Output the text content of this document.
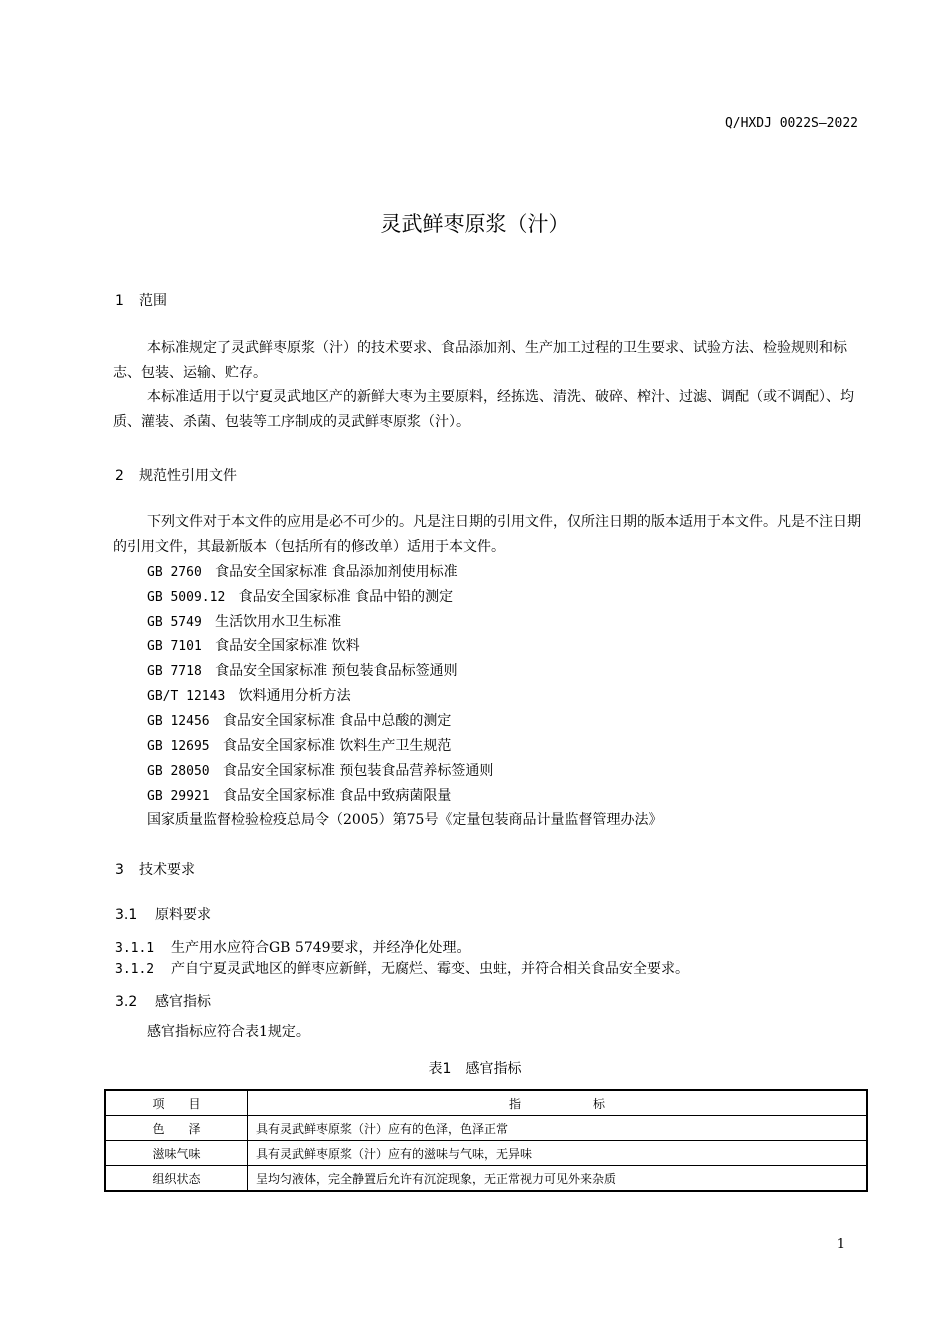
Q/HXDJ 0022S—2022
灵武鲜枣原浆（汁）
1 范围
本标准规定了灵武鲜枣原浆（汁）的技术要求、食品添加剂、生产加工过程的卫生要求、试验方法、检验规则和标志、包装、运输、贮存。
本标准适用于以宁夏灵武地区产的新鲜大枣为主要原料，经拣选、清洗、破碎、榨汁、过滤、调配（或不调配）、均质、灌装、杀菌、包装等工序制成的灵武鲜枣原浆（汁）。
2 规范性引用文件
下列文件对于本文件的应用是必不可少的。凡是注日期的引用文件，仅所注日期的版本适用于本文件。凡是不注日期的引用文件，其最新版本（包括所有的修改单）适用于本文件。
GB 2760 食品安全国家标准 食品添加剂使用标准
GB 5009.12 食品安全国家标准 食品中铅的测定
GB 5749 生活饮用水卫生标准
GB 7101 食品安全国家标准 饮料
GB 7718 食品安全国家标准 预包装食品标签通则
GB/T 12143 饮料通用分析方法
GB 12456 食品安全国家标准 食品中总酸的测定
GB 12695 食品安全国家标准 饮料生产卫生规范
GB 28050 食品安全国家标准 预包装食品营养标签通则
GB 29921 食品安全国家标准 食品中致病菌限量
国家质量监督检验检疫总局令（2005）第75号《定量包装商品计量监督管理办法》
3 技术要求
3.1 原料要求
3.1.1 生产用水应符合GB 5749要求，并经净化处理。
3.1.2 产自宁夏灵武地区的鲜枣应新鲜，无腐烂、霉变、虫蛀，并符合相关食品安全要求。
3.2 感官指标
感官指标应符合表1规定。
表1　感官指标
项　　目	指　　　　　　标
色　　泽	具有灵武鲜枣原浆（汁）应有的色泽，色泽正常
滋味气味	具有灵武鲜枣原浆（汁）应有的滋味与气味，无异味
组织状态	呈均匀液体，完全静置后允许有沉淀现象，无正常视力可见外来杂质
1
